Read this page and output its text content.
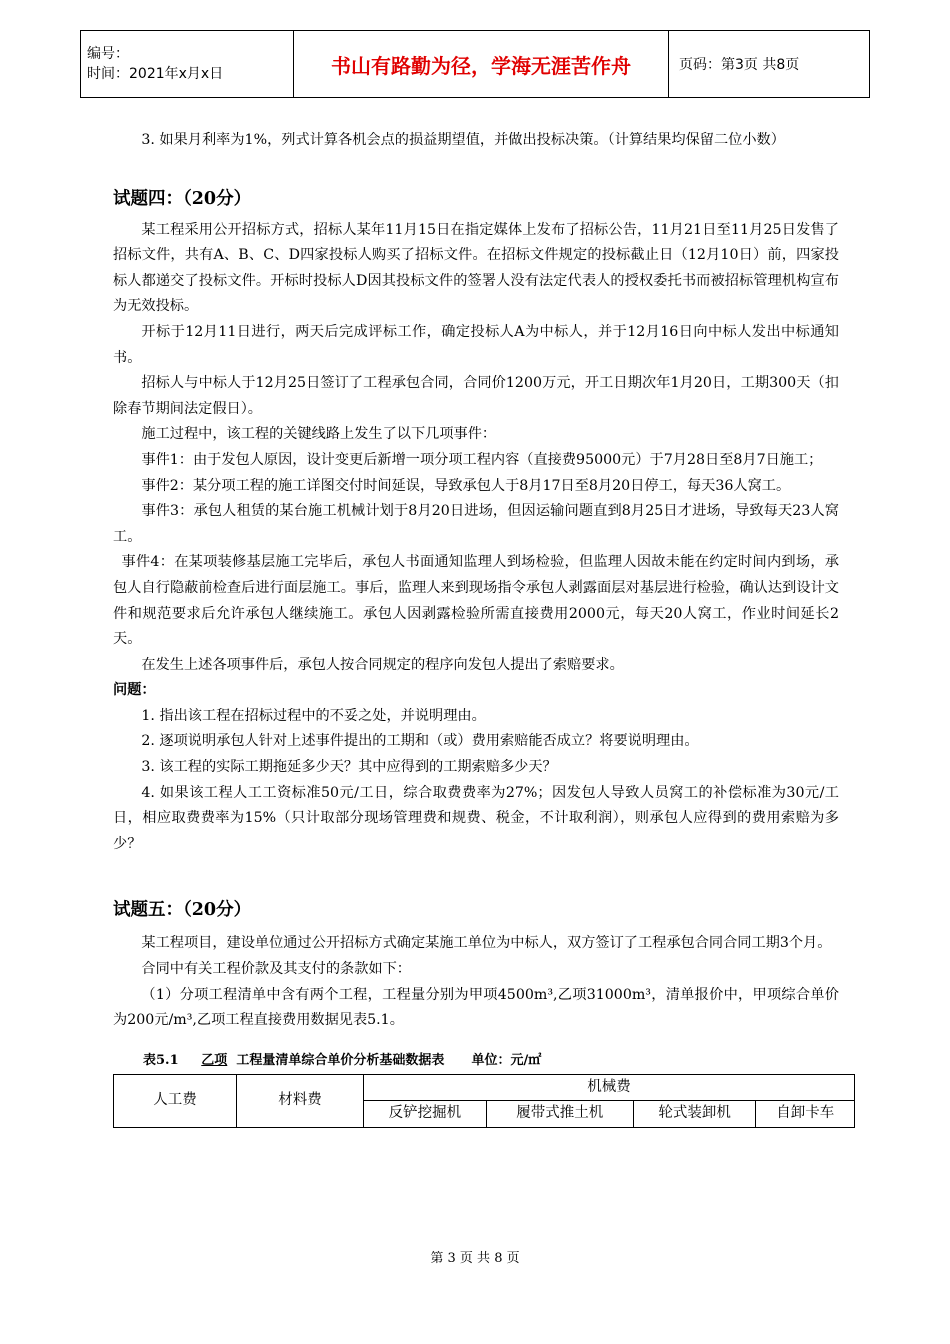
编号：
时间：2021年x月x日	书山有路勤为径，学海无涯苦作舟	页码：第3页 共8页

3. 如果月利率为1%，列式计算各机会点的损益期望值，并做出投标决策。（计算结果均保留二位小数）

试题四：（20分）

某工程采用公开招标方式，招标人某年11月15日在指定媒体上发布了招标公告，11月21日至11月25日发售了招标文件，共有A、B、C、D四家投标人购买了招标文件。在招标文件规定的投标截止日（12月10日）前，四家投标人都递交了投标文件。开标时投标人D因其投标文件的签署人没有法定代表人的授权委托书而被招标管理机构宣布为无效投标。

开标于12月11日进行，两天后完成评标工作，确定投标人A为中标人，并于12月16日向中标人发出中标通知书。

招标人与中标人于12月25日签订了工程承包合同，合同价1200万元，开工日期次年1月20日，工期300天（扣除春节期间法定假日）。

施工过程中，该工程的关键线路上发生了以下几项事件：

事件1：由于发包人原因，设计变更后新增一项分项工程内容（直接费95000元）于7月28日至8月7日施工；

事件2：某分项工程的施工详图交付时间延误，导致承包人于8月17日至8月20日停工，每天36人窝工。

事件3：承包人租赁的某台施工机械计划于8月20日进场，但因运输问题直到8月25日才进场，导致每天23人窝工。

事件4：在某项装修基层施工完毕后，承包人书面通知监理人到场检验，但监理人因故未能在约定时间内到场，承包人自行隐蔽前检查后进行面层施工。事后，监理人来到现场指令承包人剥露面层对基层进行检验，确认达到设计文件和规范要求后允许承包人继续施工。承包人因剥露检验所需直接费用2000元，每天20人窝工，作业时间延长2天。

在发生上述各项事件后，承包人按合同规定的程序向发包人提出了索赔要求。

问题：

1. 指出该工程在招标过程中的不妥之处，并说明理由。

2. 逐项说明承包人针对上述事件提出的工期和（或）费用索赔能否成立？将要说明理由。

3. 该工程的实际工期拖延多少天？其中应得到的工期索赔多少天？

4. 如果该工程人工工资标准50元/工日，综合取费费率为27%；因发包人导致人员窝工的补偿标准为30元/工日，相应取费费率为15%（只计取部分现场管理费和规费、税金，不计取利润），则承包人应得到的费用索赔为多少？

试题五：（20分）

某工程项目，建设单位通过公开招标方式确定某施工单位为中标人，双方签订了工程承包合同合同工期3个月。

合同中有关工程价款及其支付的条款如下：

（1）分项工程清单中含有两个工程，工程量分别为甲项4500m³,乙项31000m³，清单报价中，甲项综合单价为200元/m³,乙项工程直接费用数据见表5.1。

表5.1 乙项 工程量清单综合单价分析基础数据表 单位：元/㎡
人工费	材料费	机械费			
		反铲挖掘机	履带式推土机	轮式装卸机	自卸卡车
第 3 页 共 8 页
